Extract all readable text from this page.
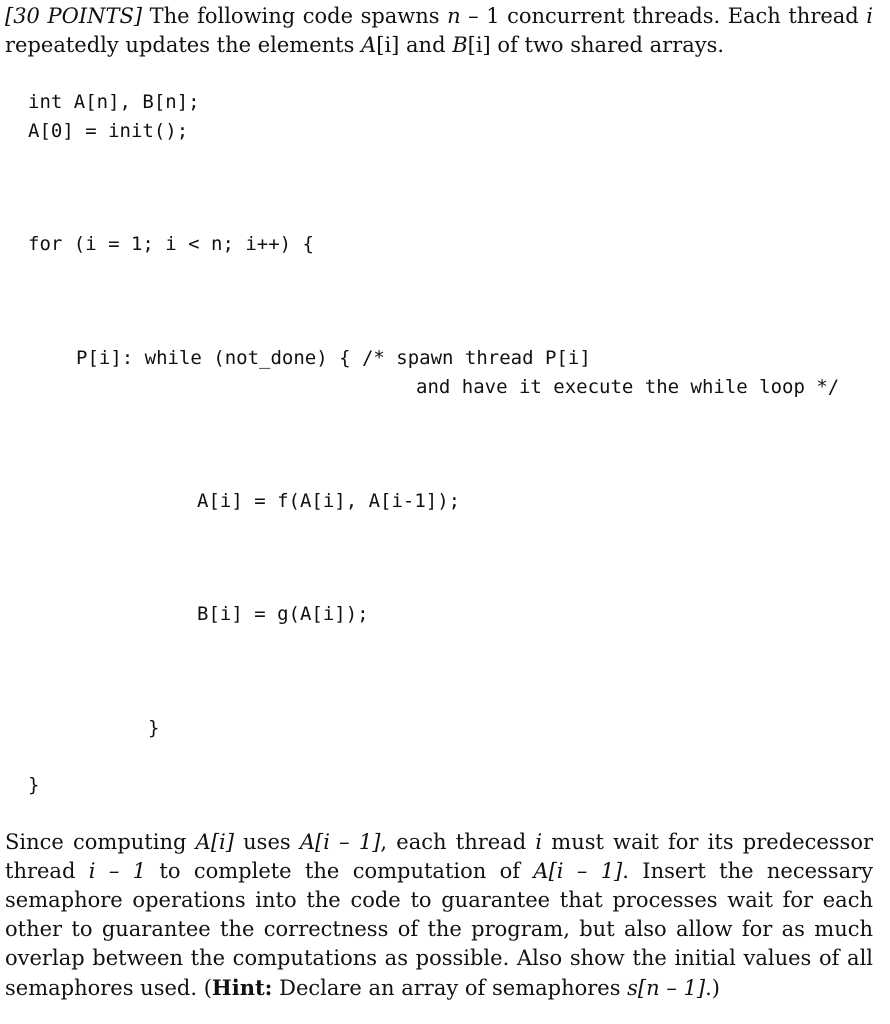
[30 POINTS] The following code spawns n – 1 concurrent threads. Each thread i repeatedly updates the elements A[i] and B[i] of two shared arrays.

int A[n], B[n];
A[0] = init();
for (i = 1; i < n; i++) {
P[i]: while (not_done) { /* spawn thread P[i]
and have it execute the while loop */
A[i] = f(A[i], A[i-1]);
B[i] = g(A[i]);
}
}

Since computing A[i] uses A[i – 1], each thread i must wait for its predecessor thread i – 1 to complete the computation of A[i – 1]. Insert the necessary semaphore operations into the code to guarantee that processes wait for each other to guarantee the correctness of the program, but also allow for as much overlap between the computations as possible. Also show the initial values of all semaphores used. (Hint: Declare an array of semaphores s[n – 1].)
